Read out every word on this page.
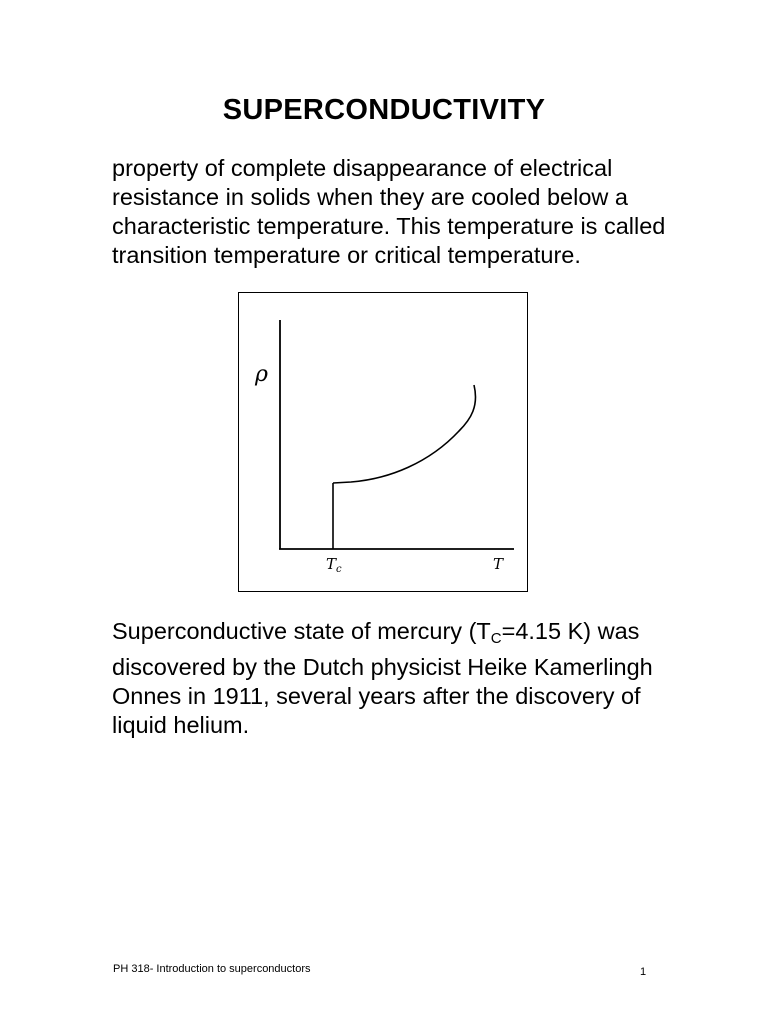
SUPERCONDUCTIVITY

property of complete disappearance of electrical
resistance in solids when they are cooled below a
characteristic temperature. This temperature is called
transition temperature or critical temperature.

ρ
$T_c$	T

Superconductive state of mercury ($T_C=4.15$ K) was
discovered by the Dutch physicist Heike Kamerlingh
Onnes in 1911, several years after the discovery of
liquid helium.

PH 318- Introduction to superconductors	1
